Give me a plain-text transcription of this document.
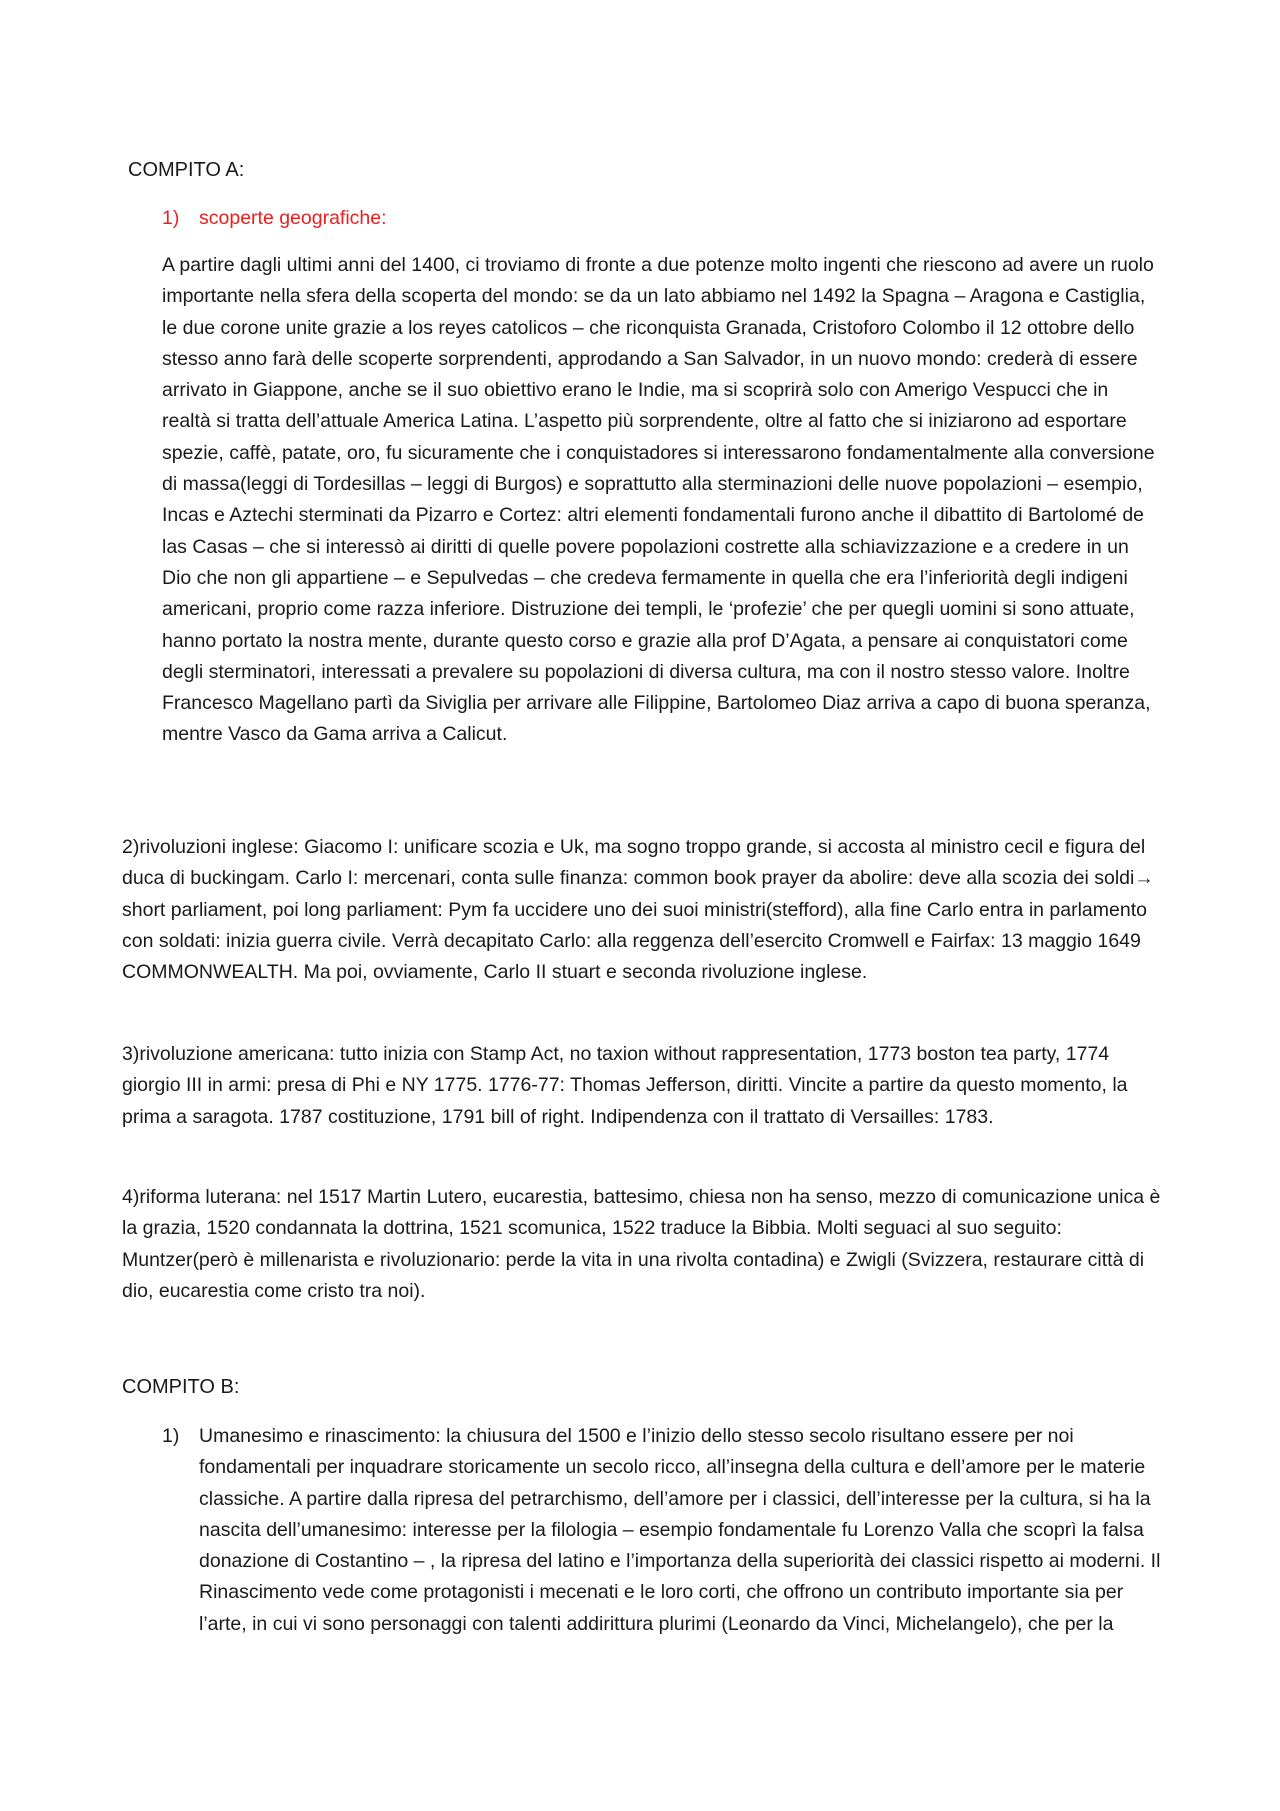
COMPITO A:
1)	scoperte geografiche:

A partire dagli ultimi anni del 1400, ci troviamo di fronte a due potenze molto ingenti che riescono ad avere un ruolo importante nella sfera della scoperta del mondo: se da un lato abbiamo nel 1492 la Spagna – Aragona e Castiglia, le due corone unite grazie a los reyes catolicos – che riconquista Granada, Cristoforo Colombo il 12 ottobre dello stesso anno farà delle scoperte sorprendenti, approdando a San Salvador, in un nuovo mondo: crederà di essere arrivato in Giappone, anche se il suo obiettivo erano le Indie, ma si scoprirà solo con Amerigo Vespucci che in realtà si tratta dell’attuale America Latina. L’aspetto più sorprendente, oltre al fatto che si iniziarono ad esportare spezie, caffè, patate, oro, fu sicuramente che i conquistadores si interessarono fondamentalmente alla conversione di massa(leggi di Tordesillas – leggi di Burgos) e soprattutto alla sterminazioni delle nuove popolazioni – esempio, Incas e Aztechi sterminati da Pizarro e Cortez: altri elementi fondamentali furono anche il dibattito di Bartolomé de las Casas – che si interessò ai diritti di quelle povere popolazioni costrette alla schiavizzazione e a credere in un Dio che non gli appartiene – e Sepulvedas – che credeva fermamente in quella che era l’inferiorità degli indigeni americani, proprio come razza inferiore. Distruzione dei templi, le ‘profezie’ che per quegli uomini si sono attuate, hanno portato la nostra mente, durante questo corso e grazie alla prof D’Agata, a pensare ai conquistatori come degli sterminatori, interessati a prevalere su popolazioni di diversa cultura, ma con il nostro stesso valore. Inoltre Francesco Magellano partì da Siviglia per arrivare alle Filippine, Bartolomeo Diaz arriva a capo di buona speranza, mentre Vasco da Gama arriva a Calicut.

2)rivoluzioni inglese: Giacomo I: unificare scozia e Uk, ma sogno troppo grande, si accosta al ministro cecil e figura del duca di buckingam. Carlo I: mercenari, conta sulle finanza: common book prayer da abolire: deve alla scozia dei soldi→ short parliament, poi long parliament: Pym fa uccidere uno dei suoi ministri(stefford), alla fine Carlo entra in parlamento con soldati: inizia guerra civile. Verrà decapitato Carlo: alla reggenza dell’esercito Cromwell e Fairfax: 13 maggio 1649 COMMONWEALTH. Ma poi, ovviamente, Carlo II stuart e seconda rivoluzione inglese.

3)rivoluzione americana: tutto inizia con Stamp Act, no taxion without rappresentation, 1773 boston tea party, 1774 giorgio III in armi: presa di Phi e NY 1775. 1776-77: Thomas Jefferson, diritti. Vincite a partire da questo momento, la prima a saragota. 1787 costituzione, 1791 bill of right. Indipendenza con il trattato di Versailles: 1783.

4)riforma luterana: nel 1517 Martin Lutero, eucarestia, battesimo, chiesa non ha senso, mezzo di comunicazione unica è la grazia, 1520 condannata la dottrina, 1521 scomunica, 1522 traduce la Bibbia. Molti seguaci al suo seguito: Muntzer(però è millenarista e rivoluzionario: perde la vita in una rivolta contadina) e Zwigli (Svizzera, restaurare città di dio, eucarestia come cristo tra noi).

COMPITO B:
1)	Umanesimo e rinascimento: la chiusura del 1500 e l’inizio dello stesso secolo risultano essere per noi fondamentali per inquadrare storicamente un secolo ricco, all’insegna della cultura e dell’amore per le materie classiche. A partire dalla ripresa del petrarchismo, dell’amore per i classici, dell’interesse per la cultura, si ha la nascita dell’umanesimo: interesse per la filologia – esempio fondamentale fu Lorenzo Valla che scoprì la falsa donazione di Costantino – , la ripresa del latino e l’importanza della superiorità dei classici rispetto ai moderni. Il Rinascimento vede come protagonisti i mecenati e le loro corti, che offrono un contributo importante sia per l’arte, in cui vi sono personaggi con talenti addirittura plurimi (Leonardo da Vinci, Michelangelo), che per la
